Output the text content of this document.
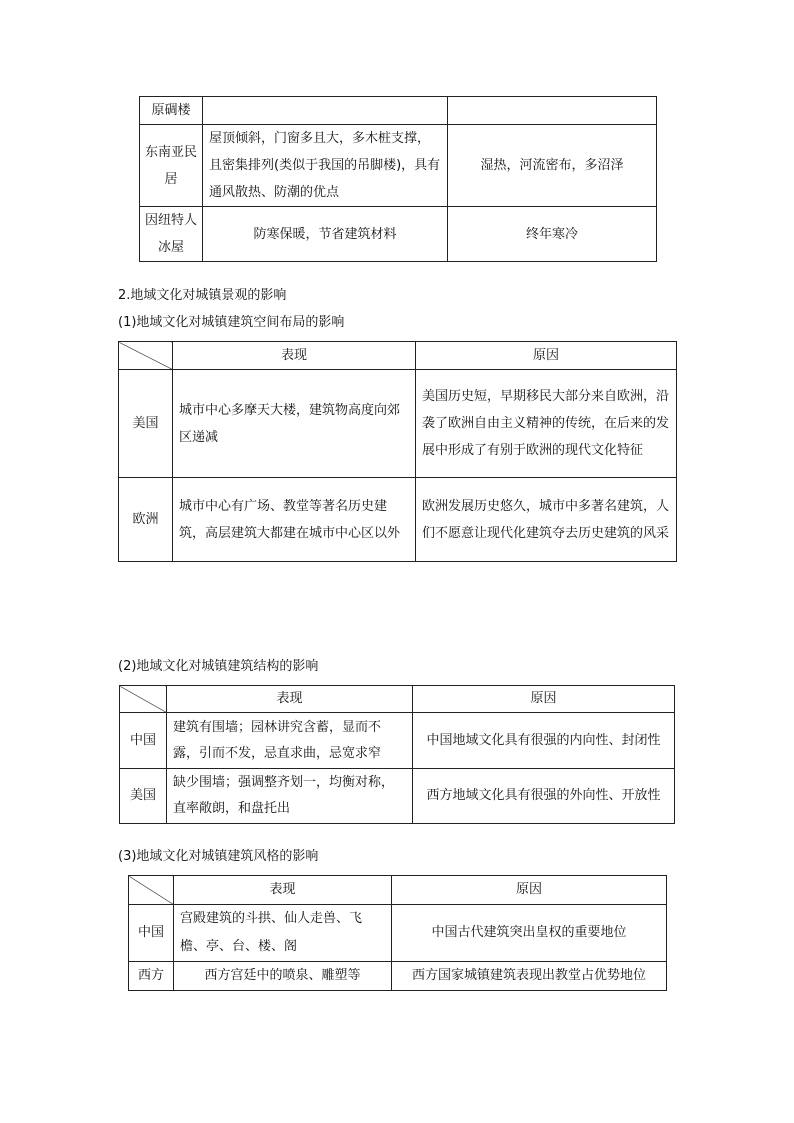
原碉楼		
东南亚民居	屋顶倾斜，门窗多且大，多木桩支撑，且密集排列(类似于我国的吊脚楼)，具有通风散热、防潮的优点	湿热，河流密布，多沼泽
因纽特人冰屋	防寒保暖，节省建筑材料	终年寒冷
2.地域文化对城镇景观的影响
(1)地域文化对城镇建筑空间布局的影响
	表现	原因
美国	城市中心多摩天大楼，建筑物高度向郊区递减	美国历史短，早期移民大部分来自欧洲，沿袭了欧洲自由主义精神的传统，在后来的发展中形成了有别于欧洲的现代文化特征
欧洲	城市中心有广场、教堂等著名历史建筑，高层建筑大都建在城市中心区以外	欧洲发展历史悠久，城市中多著名建筑，人们不愿意让现代化建筑夺去历史建筑的风采
(2)地域文化对城镇建筑结构的影响
	表现	原因
中国	建筑有围墙；园林讲究含蓄，显而不露，引而不发，忌直求曲，忌宽求窄	中国地域文化具有很强的内向性、封闭性
美国	缺少围墙；强调整齐划一，均衡对称，直率敞朗，和盘托出	西方地域文化具有很强的外向性、开放性
(3)地域文化对城镇建筑风格的影响
	表现	原因
中国	宫殿建筑的斗拱、仙人走兽、飞檐、亭、台、楼、阁	中国古代建筑突出皇权的重要地位
西方	西方宫廷中的喷泉、雕塑等	西方国家城镇建筑表现出教堂占优势地位
